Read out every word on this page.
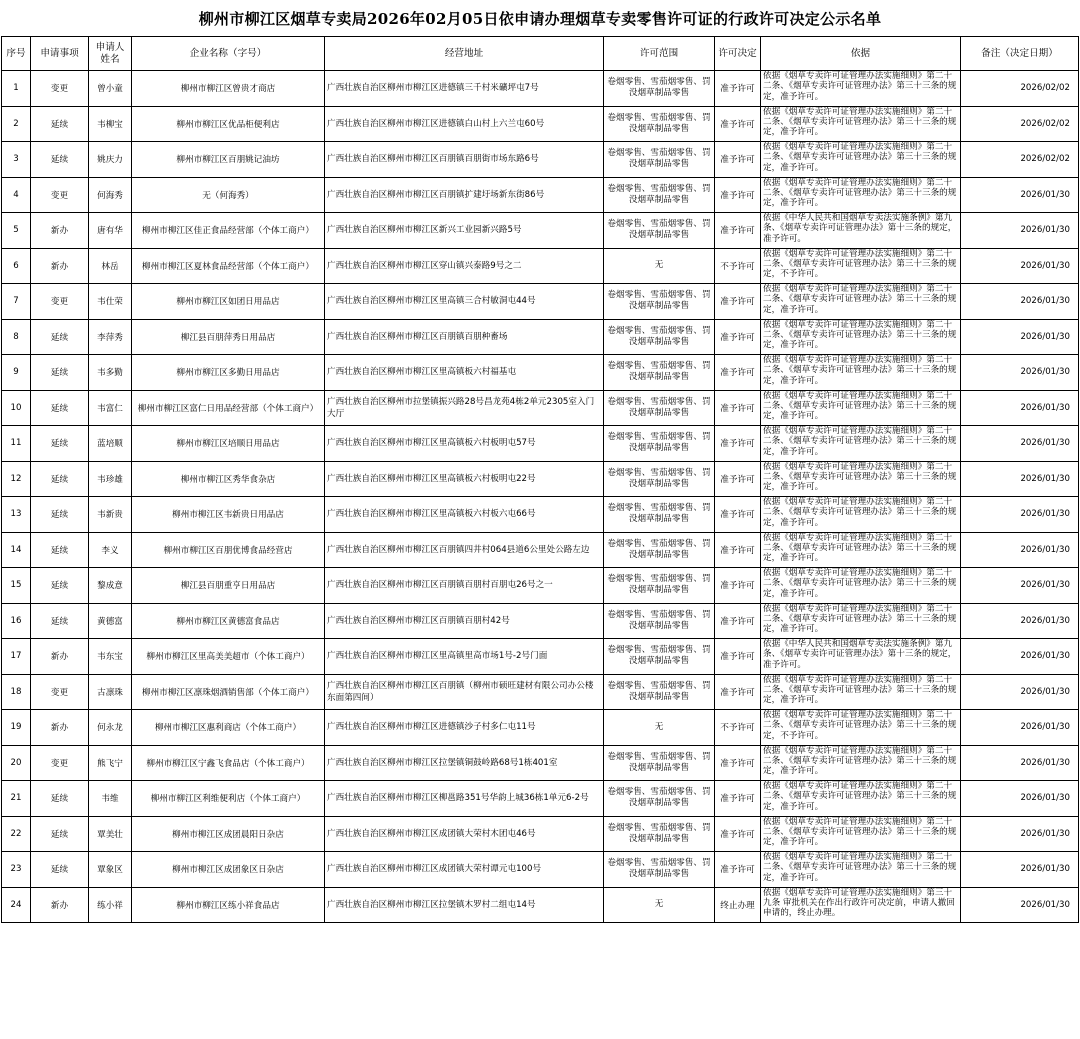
柳州市柳江区烟草专卖局2026年02月05日依申请办理烟草专卖零售许可证的行政许可决定公示名单
序号	申请事项	申请人姓名	企业名称（字号）	经营地址	许可范围	许可决定	依据	备注（决定日期）
1	变更	曾小童	柳州市柳江区曾贵才商店	广西壮族自治区柳州市柳江区进德镇三千村米礦坪屯7号	卷烟零售、雪茄烟零售、罚没烟草制品零售	准予许可	依据《烟草专卖许可证管理办法实施细则》第二十二条、《烟草专卖许可证管理办法》第三十三条的规定，准予许可。	2026/02/02
2	延续	韦柳宝	柳州市柳江区优品柜便利店	广西壮族自治区柳州市柳江区进德镇白山村上六兰屯60号	卷烟零售、雪茄烟零售、罚没烟草制品零售	准予许可	依据《烟草专卖许可证管理办法实施细则》第二十二条、《烟草专卖许可证管理办法》第三十三条的规定，准予许可。	2026/02/02
3	延续	姚庆力	柳州市柳江区百朋姚记油坊	广西壮族自治区柳州市柳江区百朋镇百朋街市场东路6号	卷烟零售、雪茄烟零售、罚没烟草制品零售	准予许可	依据《烟草专卖许可证管理办法实施细则》第二十二条、《烟草专卖许可证管理办法》第三十三条的规定，准予许可。	2026/02/02
4	变更	何海秀	无（何海秀）	广西壮族自治区柳州市柳江区百朋镇扩建圩场新东街86号	卷烟零售、雪茄烟零售、罚没烟草制品零售	准予许可	依据《烟草专卖许可证管理办法实施细则》第二十二条、《烟草专卖许可证管理办法》第三十三条的规定，准予许可。	2026/01/30
5	新办	唐有华	柳州市柳江区佳正食品经营部（个体工商户）	广西壮族自治区柳州市柳江区新兴工业园新兴路5号	卷烟零售、雪茄烟零售、罚没烟草制品零售	准予许可	依据《中华人民共和国烟草专卖法实施条例》第九条、《烟草专卖许可证管理办法》第十三条的规定，准予许可。	2026/01/30
6	新办	林岳	柳州市柳江区夏林食品经营部（个体工商户）	广西壮族自治区柳州市柳江区穿山镇兴泰路9号之二	无	不予许可	依据《烟草专卖许可证管理办法实施细则》第二十二条、《烟草专卖许可证管理办法》第三十三条的规定，不予许可。	2026/01/30
7	变更	韦仕荣	柳州市柳江区如团日用品店	广西壮族自治区柳州市柳江区里高镇三合村敏洞屯44号	卷烟零售、雪茄烟零售、罚没烟草制品零售	准予许可	依据《烟草专卖许可证管理办法实施细则》第二十二条、《烟草专卖许可证管理办法》第三十三条的规定，准予许可。	2026/01/30
8	延续	李萍秀	柳江县百朋萍秀日用品店	广西壮族自治区柳州市柳江区百朋镇百朋种畜场	卷烟零售、雪茄烟零售、罚没烟草制品零售	准予许可	依据《烟草专卖许可证管理办法实施细则》第二十二条、《烟草专卖许可证管理办法》第三十三条的规定，准予许可。	2026/01/30
9	延续	韦多勤	柳州市柳江区多勤日用品店	广西壮族自治区柳州市柳江区里高镇板六村福基屯	卷烟零售、雪茄烟零售、罚没烟草制品零售	准予许可	依据《烟草专卖许可证管理办法实施细则》第二十二条、《烟草专卖许可证管理办法》第三十三条的规定，准予许可。	2026/01/30
10	延续	韦富仁	柳州市柳江区富仁日用品经营部（个体工商户）	广西壮族自治区柳州市拉堡镇振兴路28号昌龙苑4栋2单元2305室入门大厅	卷烟零售、雪茄烟零售、罚没烟草制品零售	准予许可	依据《烟草专卖许可证管理办法实施细则》第二十二条、《烟草专卖许可证管理办法》第三十三条的规定，准予许可。	2026/01/30
11	延续	蓝培顺	柳州市柳江区培顺日用品店	广西壮族自治区柳州市柳江区里高镇板六村板明屯57号	卷烟零售、雪茄烟零售、罚没烟草制品零售	准予许可	依据《烟草专卖许可证管理办法实施细则》第二十二条、《烟草专卖许可证管理办法》第三十三条的规定，准予许可。	2026/01/30
12	延续	韦珍雄	柳州市柳江区秀华食杂店	广西壮族自治区柳州市柳江区里高镇板六村板明屯22号	卷烟零售、雪茄烟零售、罚没烟草制品零售	准予许可	依据《烟草专卖许可证管理办法实施细则》第二十二条、《烟草专卖许可证管理办法》第三十三条的规定，准予许可。	2026/01/30
13	延续	韦新贵	柳州市柳江区韦新贵日用品店	广西壮族自治区柳州市柳江区里高镇板六村板六屯66号	卷烟零售、雪茄烟零售、罚没烟草制品零售	准予许可	依据《烟草专卖许可证管理办法实施细则》第二十二条、《烟草专卖许可证管理办法》第三十三条的规定，准予许可。	2026/01/30
14	延续	李义	柳州市柳江区百朋优博食品经营店	广西壮族自治区柳州市柳江区百朋镇四井村064县道6公里处公路左边	卷烟零售、雪茄烟零售、罚没烟草制品零售	准予许可	依据《烟草专卖许可证管理办法实施细则》第二十二条、《烟草专卖许可证管理办法》第三十三条的规定，准予许可。	2026/01/30
15	延续	黎成意	柳江县百朋重亨日用品店	广西壮族自治区柳州市柳江区百朋镇百朋村百朋屯26号之一	卷烟零售、雪茄烟零售、罚没烟草制品零售	准予许可	依据《烟草专卖许可证管理办法实施细则》第二十二条、《烟草专卖许可证管理办法》第三十三条的规定，准予许可。	2026/01/30
16	延续	黄德富	柳州市柳江区黄德富食品店	广西壮族自治区柳州市柳江区百朋镇百朋村42号	卷烟零售、雪茄烟零售、罚没烟草制品零售	准予许可	依据《烟草专卖许可证管理办法实施细则》第二十二条、《烟草专卖许可证管理办法》第三十三条的规定，准予许可。	2026/01/30
17	新办	韦东宝	柳州市柳江区里高美美超市（个体工商户）	广西壮族自治区柳州市柳江区里高镇里高市场1号-2号门面	卷烟零售、雪茄烟零售、罚没烟草制品零售	准予许可	依据《中华人民共和国烟草专卖法实施条例》第九条、《烟草专卖许可证管理办法》第十三条的规定，准予许可。	2026/01/30
18	变更	古凛珠	柳州市柳江区凛珠烟酒销售部（个体工商户）	广西壮族自治区柳州市柳江区百朋镇（柳州市硕旺建材有限公司办公楼东面第四间）	卷烟零售、雪茄烟零售、罚没烟草制品零售	准予许可	依据《烟草专卖许可证管理办法实施细则》第二十二条、《烟草专卖许可证管理办法》第三十三条的规定，准予许可。	2026/01/30
19	新办	何永龙	柳州市柳江区惠利商店（个体工商户）	广西壮族自治区柳州市柳江区进德镇沙子村多仁屯11号	无	不予许可	依据《烟草专卖许可证管理办法实施细则》第二十二条、《烟草专卖许可证管理办法》第三十三条的规定，不予许可。	2026/01/30
20	变更	熊飞宁	柳州市柳江区宁鑫飞食品店（个体工商户）	广西壮族自治区柳州市柳江区拉堡镇铜鼓岭路68号1栋401室	卷烟零售、雪茄烟零售、罚没烟草制品零售	准予许可	依据《烟草专卖许可证管理办法实施细则》第二十二条、《烟草专卖许可证管理办法》第三十三条的规定，准予许可。	2026/01/30
21	延续	韦维	柳州市柳江区利维便利店（个体工商户）	广西壮族自治区柳州市柳江区柳邕路351号华韵上城36栋1单元6-2号	卷烟零售、雪茄烟零售、罚没烟草制品零售	准予许可	依据《烟草专卖许可证管理办法实施细则》第二十二条、《烟草专卖许可证管理办法》第三十三条的规定，准予许可。	2026/01/30
22	延续	覃美壮	柳州市柳江区成团晨阳日杂店	广西壮族自治区柳州市柳江区成团镇大荣村木团屯46号	卷烟零售、雪茄烟零售、罚没烟草制品零售	准予许可	依据《烟草专卖许可证管理办法实施细则》第二十二条、《烟草专卖许可证管理办法》第三十三条的规定，准予许可。	2026/01/30
23	延续	覃象区	柳州市柳江区成团象区日杂店	广西壮族自治区柳州市柳江区成团镇大荣村谭元屯100号	卷烟零售、雪茄烟零售、罚没烟草制品零售	准予许可	依据《烟草专卖许可证管理办法实施细则》第二十二条、《烟草专卖许可证管理办法》第三十三条的规定，准予许可。	2026/01/30
24	新办	练小祥	柳州市柳江区练小祥食品店	广西壮族自治区柳州市柳江区拉堡镇木罗村二组屯14号	无	终止办理	依据《烟草专卖许可证管理办法实施细则》第三十九条 审批机关在作出行政许可决定前，申请人撤回申请的，终止办理。	2026/01/30
